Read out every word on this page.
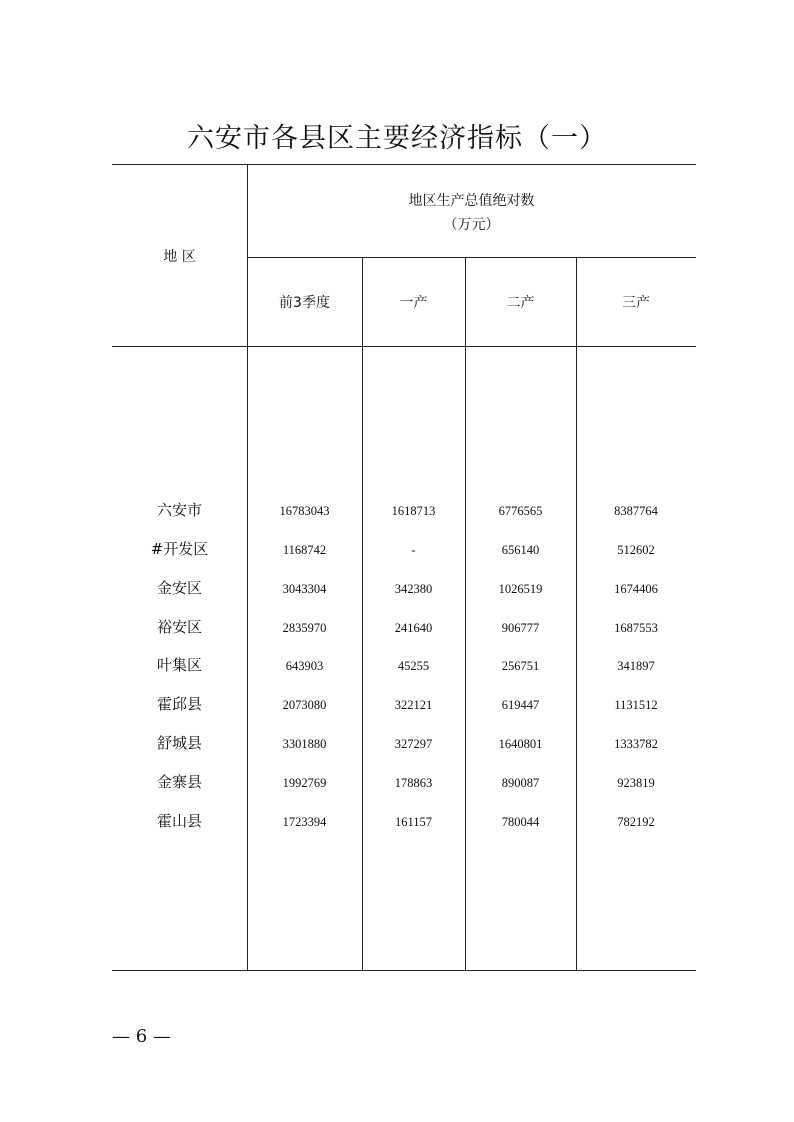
六安市各县区主要经济指标（一）
地 区
地区生产总值绝对数
（万元）
前3季度	一产	二产	三产
六安市	16783043	1618713	6776565	8387764
#开发区	1168742	-	656140	512602
金安区	3043304	342380	1026519	1674406
裕安区	2835970	241640	906777	1687553
叶集区	643903	45255	256751	341897
霍邱县	2073080	322121	619447	1131512
舒城县	3301880	327297	1640801	1333782
金寨县	1992769	178863	890087	923819
霍山县	1723394	161157	780044	782192
— 6 —
